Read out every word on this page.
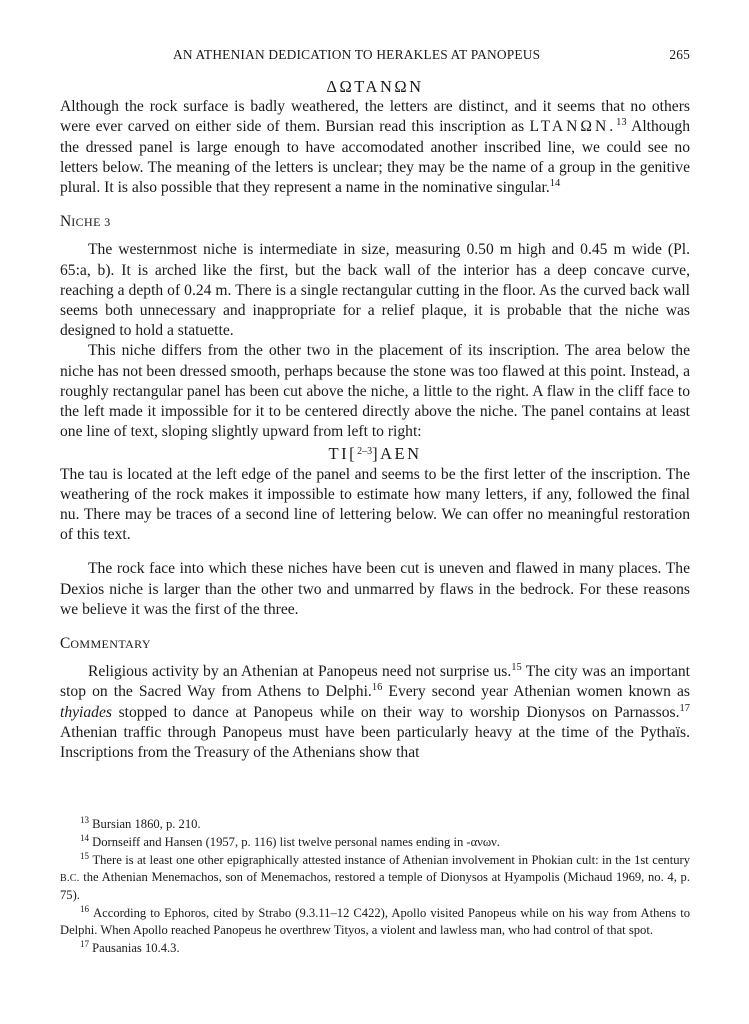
AN ATHENIAN DEDICATION TO HERAKLES AT PANOPEUS	265

ΔΩΤΑΝΩΝ

Although the rock surface is badly weathered, the letters are distinct, and it seems that no others were ever carved on either side of them. Bursian read this inscription as LTANΩN.$^{13}$ Although the dressed panel is large enough to have accomodated another inscribed line, we could see no letters below. The meaning of the letters is unclear; they may be the name of a group in the genitive plural. It is also possible that they represent a name in the nominative singular.$^{14}$

NICHE 3

The westernmost niche is intermediate in size, measuring 0.50 m high and 0.45 m wide (Pl. 65:a, b). It is arched like the first, but the back wall of the interior has a deep concave curve, reaching a depth of 0.24 m. There is a single rectangular cutting in the floor. As the curved back wall seems both unnecessary and inappropriate for a relief plaque, it is probable that the niche was designed to hold a statuette.

This niche differs from the other two in the placement of its inscription. The area below the niche has not been dressed smooth, perhaps because the stone was too flawed at this point. Instead, a roughly rectangular panel has been cut above the niche, a little to the right. A flaw in the cliff face to the left made it impossible for it to be centered directly above the niche. The panel contains at least one line of text, sloping slightly upward from left to right:

TI[$^{2-3}$]AEN

The tau is located at the left edge of the panel and seems to be the first letter of the inscription. The weathering of the rock makes it impossible to estimate how many letters, if any, followed the final nu. There may be traces of a second line of lettering below. We can offer no meaningful restoration of this text.

The rock face into which these niches have been cut is uneven and flawed in many places. The Dexios niche is larger than the other two and unmarred by flaws in the bedrock. For these reasons we believe it was the first of the three.

COMMENTARY

Religious activity by an Athenian at Panopeus need not surprise us.$^{15}$ The city was an important stop on the Sacred Way from Athens to Delphi.$^{16}$ Every second year Athenian women known as thyiades stopped to dance at Panopeus while on their way to worship Dionysos on Parnassos.$^{17}$ Athenian traffic through Panopeus must have been particularly heavy at the time of the Pythaïs. Inscriptions from the Treasury of the Athenians show that

$^{13}$ Bursian 1860, p. 210.

$^{14}$ Dornseiff and Hansen (1957, p. 116) list twelve personal names ending in -ανων.

$^{15}$ There is at least one other epigraphically attested instance of Athenian involvement in Phokian cult: in the 1st century B.C. the Athenian Menemachos, son of Menemachos, restored a temple of Dionysos at Hyampolis (Michaud 1969, no. 4, p. 75).

$^{16}$ According to Ephoros, cited by Strabo (9.3.11–12 C422), Apollo visited Panopeus while on his way from Athens to Delphi. When Apollo reached Panopeus he overthrew Tityos, a violent and lawless man, who had control of that spot.

$^{17}$ Pausanias 10.4.3.
